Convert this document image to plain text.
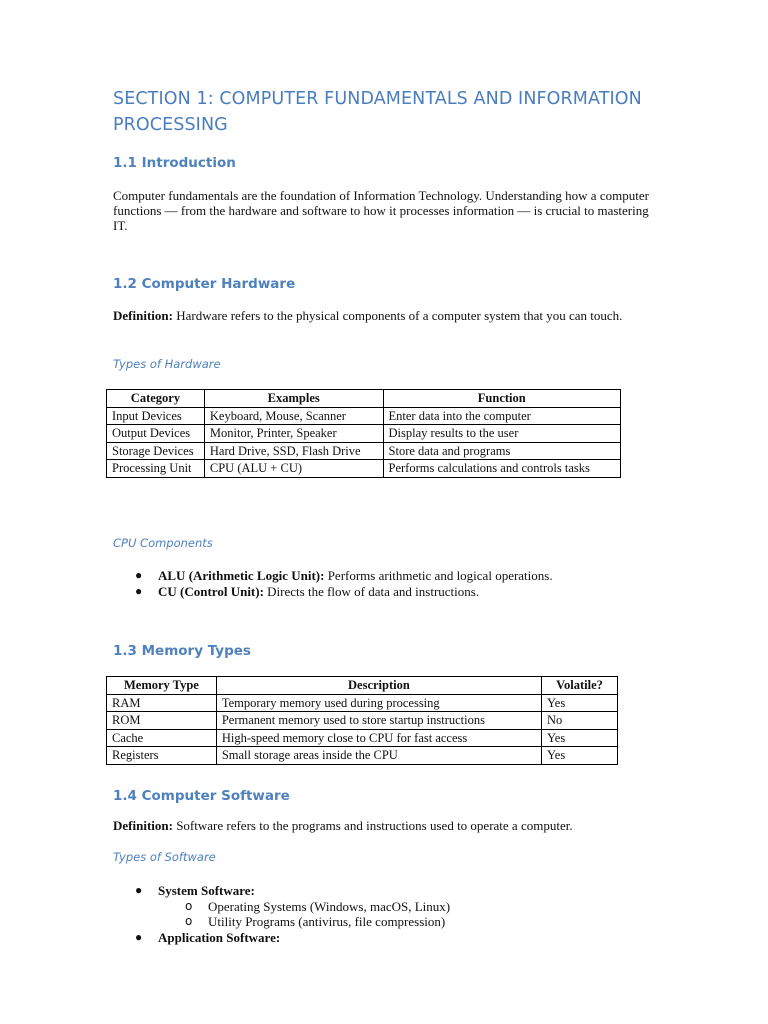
SECTION 1: COMPUTER FUNDAMENTALS AND INFORMATION PROCESSING
1.1 Introduction
Computer fundamentals are the foundation of Information Technology. Understanding how a computer functions — from the hardware and software to how it processes information — is crucial to mastering IT.
1.2 Computer Hardware
Definition: Hardware refers to the physical components of a computer system that you can touch.
Types of Hardware
Category	Examples	Function
Input Devices	Keyboard, Mouse, Scanner	Enter data into the computer
Output Devices	Monitor, Printer, Speaker	Display results to the user
Storage Devices	Hard Drive, SSD, Flash Drive	Store data and programs
Processing Unit	CPU (ALU + CU)	Performs calculations and controls tasks
CPU Components
● ALU (Arithmetic Logic Unit): Performs arithmetic and logical operations.
● CU (Control Unit): Directs the flow of data and instructions.
1.3 Memory Types
Memory Type	Description	Volatile?
RAM	Temporary memory used during processing	Yes
ROM	Permanent memory used to store startup instructions	No
Cache	High-speed memory close to CPU for fast access	Yes
Registers	Small storage areas inside the CPU	Yes
1.4 Computer Software
Definition: Software refers to the programs and instructions used to operate a computer.
Types of Software
● System Software:
o Operating Systems (Windows, macOS, Linux)
o Utility Programs (antivirus, file compression)
● Application Software:
